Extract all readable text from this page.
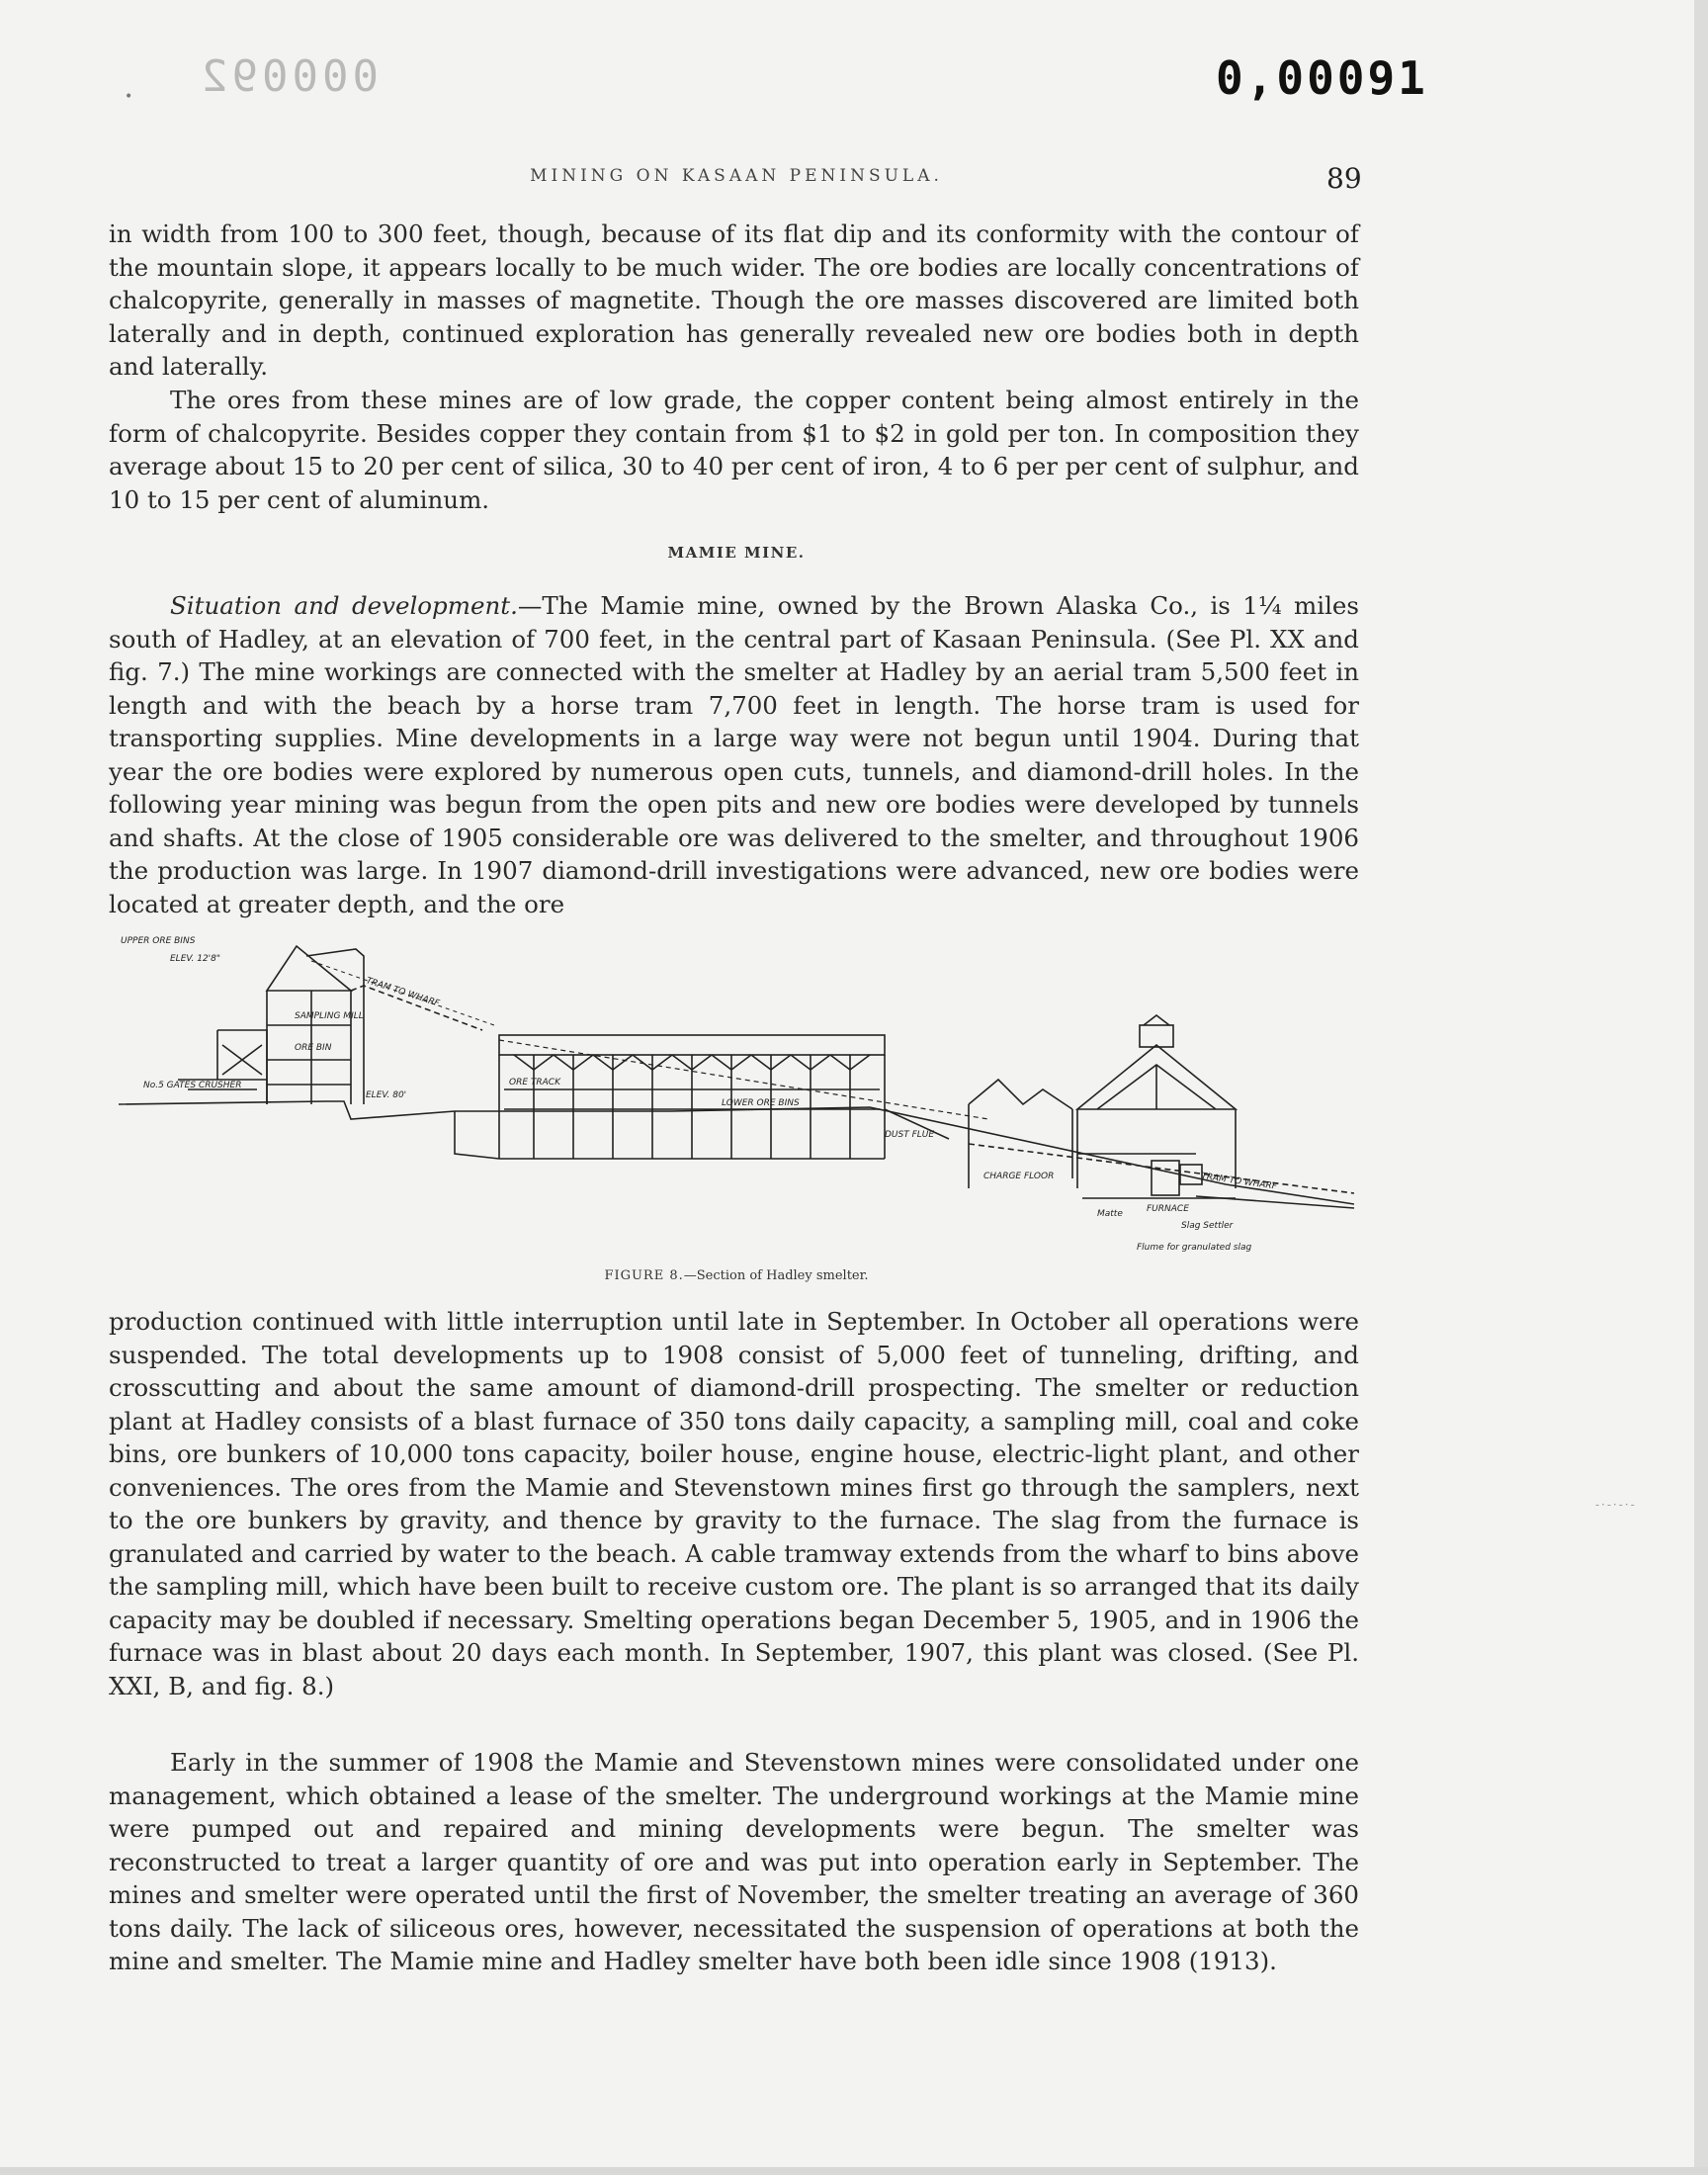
• 000092	0,00091
MINING ON KASAAN PENINSULA.	89

in width from 100 to 300 feet, though, because of its flat dip and its conformity with the contour of the mountain slope, it appears locally to be much wider. The ore bodies are locally concentrations of chalcopyrite, generally in masses of magnetite. Though the ore masses discovered are limited both laterally and in depth, continued exploration has generally revealed new ore bodies both in depth and laterally.

The ores from these mines are of low grade, the copper content being almost entirely in the form of chalcopyrite. Besides copper they contain from $1 to $2 in gold per ton. In composition they average about 15 to 20 per cent of silica, 30 to 40 per cent of iron, 4 to 6 per per cent of sulphur, and 10 to 15 per cent of aluminum.

MAMIE MINE.

Situation and development.—The Mamie mine, owned by the Brown Alaska Co., is 1¼ miles south of Hadley, at an elevation of 700 feet, in the central part of Kasaan Peninsula. (See Pl. XX and fig. 7.) The mine workings are connected with the smelter at Hadley by an aerial tram 5,500 feet in length and with the beach by a horse tram 7,700 feet in length. The horse tram is used for transporting supplies. Mine developments in a large way were not begun until 1904. During that year the ore bodies were explored by numerous open cuts, tunnels, and diamond-drill holes. In the following year mining was begun from the open pits and new ore bodies were developed by tunnels and shafts. At the close of 1905 considerable ore was delivered to the smelter, and throughout 1906 the production was large. In 1907 diamond-drill investigations were advanced, new ore bodies were located at greater depth, and the ore

UPPER ORE BINS
ELEV. 12'8"
TRAM TO WHARF
SAMPLING MILL
ORE BIN
No.5 GATES CRUSHER
ELEV. 80'
ORE TRACK
LOWER ORE BINS
DUST FLUE
CHARGE FLOOR
FURNACE
Slag Settler
Matte
TRAM TO WHARF
Flume for granulated slag
FIGURE 8.—Section of Hadley smelter.

production continued with little interruption until late in September. In October all operations were suspended. The total developments up to 1908 consist of 5,000 feet of tunneling, drifting, and crosscutting and about the same amount of diamond-drill prospecting. The smelter or reduction plant at Hadley consists of a blast furnace of 350 tons daily capacity, a sampling mill, coal and coke bins, ore bunkers of 10,000 tons capacity, boiler house, engine house, electric-light plant, and other conveniences. The ores from the Mamie and Stevenstown mines first go through the samplers, next to the ore bunkers by gravity, and thence by gravity to the furnace. The slag from the furnace is granulated and carried by water to the beach. A cable tramway extends from the wharf to bins above the sampling mill, which have been built to receive custom ore. The plant is so arranged that its daily capacity may be doubled if necessary. Smelting operations began December 5, 1905, and in 1906 the furnace was in blast about 20 days each month. In September, 1907, this plant was closed. (See Pl. XXI, B, and fig. 8.)

Early in the summer of 1908 the Mamie and Stevenstown mines were consolidated under one management, which obtained a lease of the smelter. The underground workings at the Mamie mine were pumped out and repaired and mining developments were begun. The smelter was reconstructed to treat a larger quantity of ore and was put into operation early in September. The mines and smelter were operated until the first of November, the smelter treating an average of 360 tons daily. The lack of siliceous ores, however, necessitated the suspension of operations at both the mine and smelter. The Mamie mine and Hadley smelter have both been idle since 1908 (1913).

-·-·-·-
